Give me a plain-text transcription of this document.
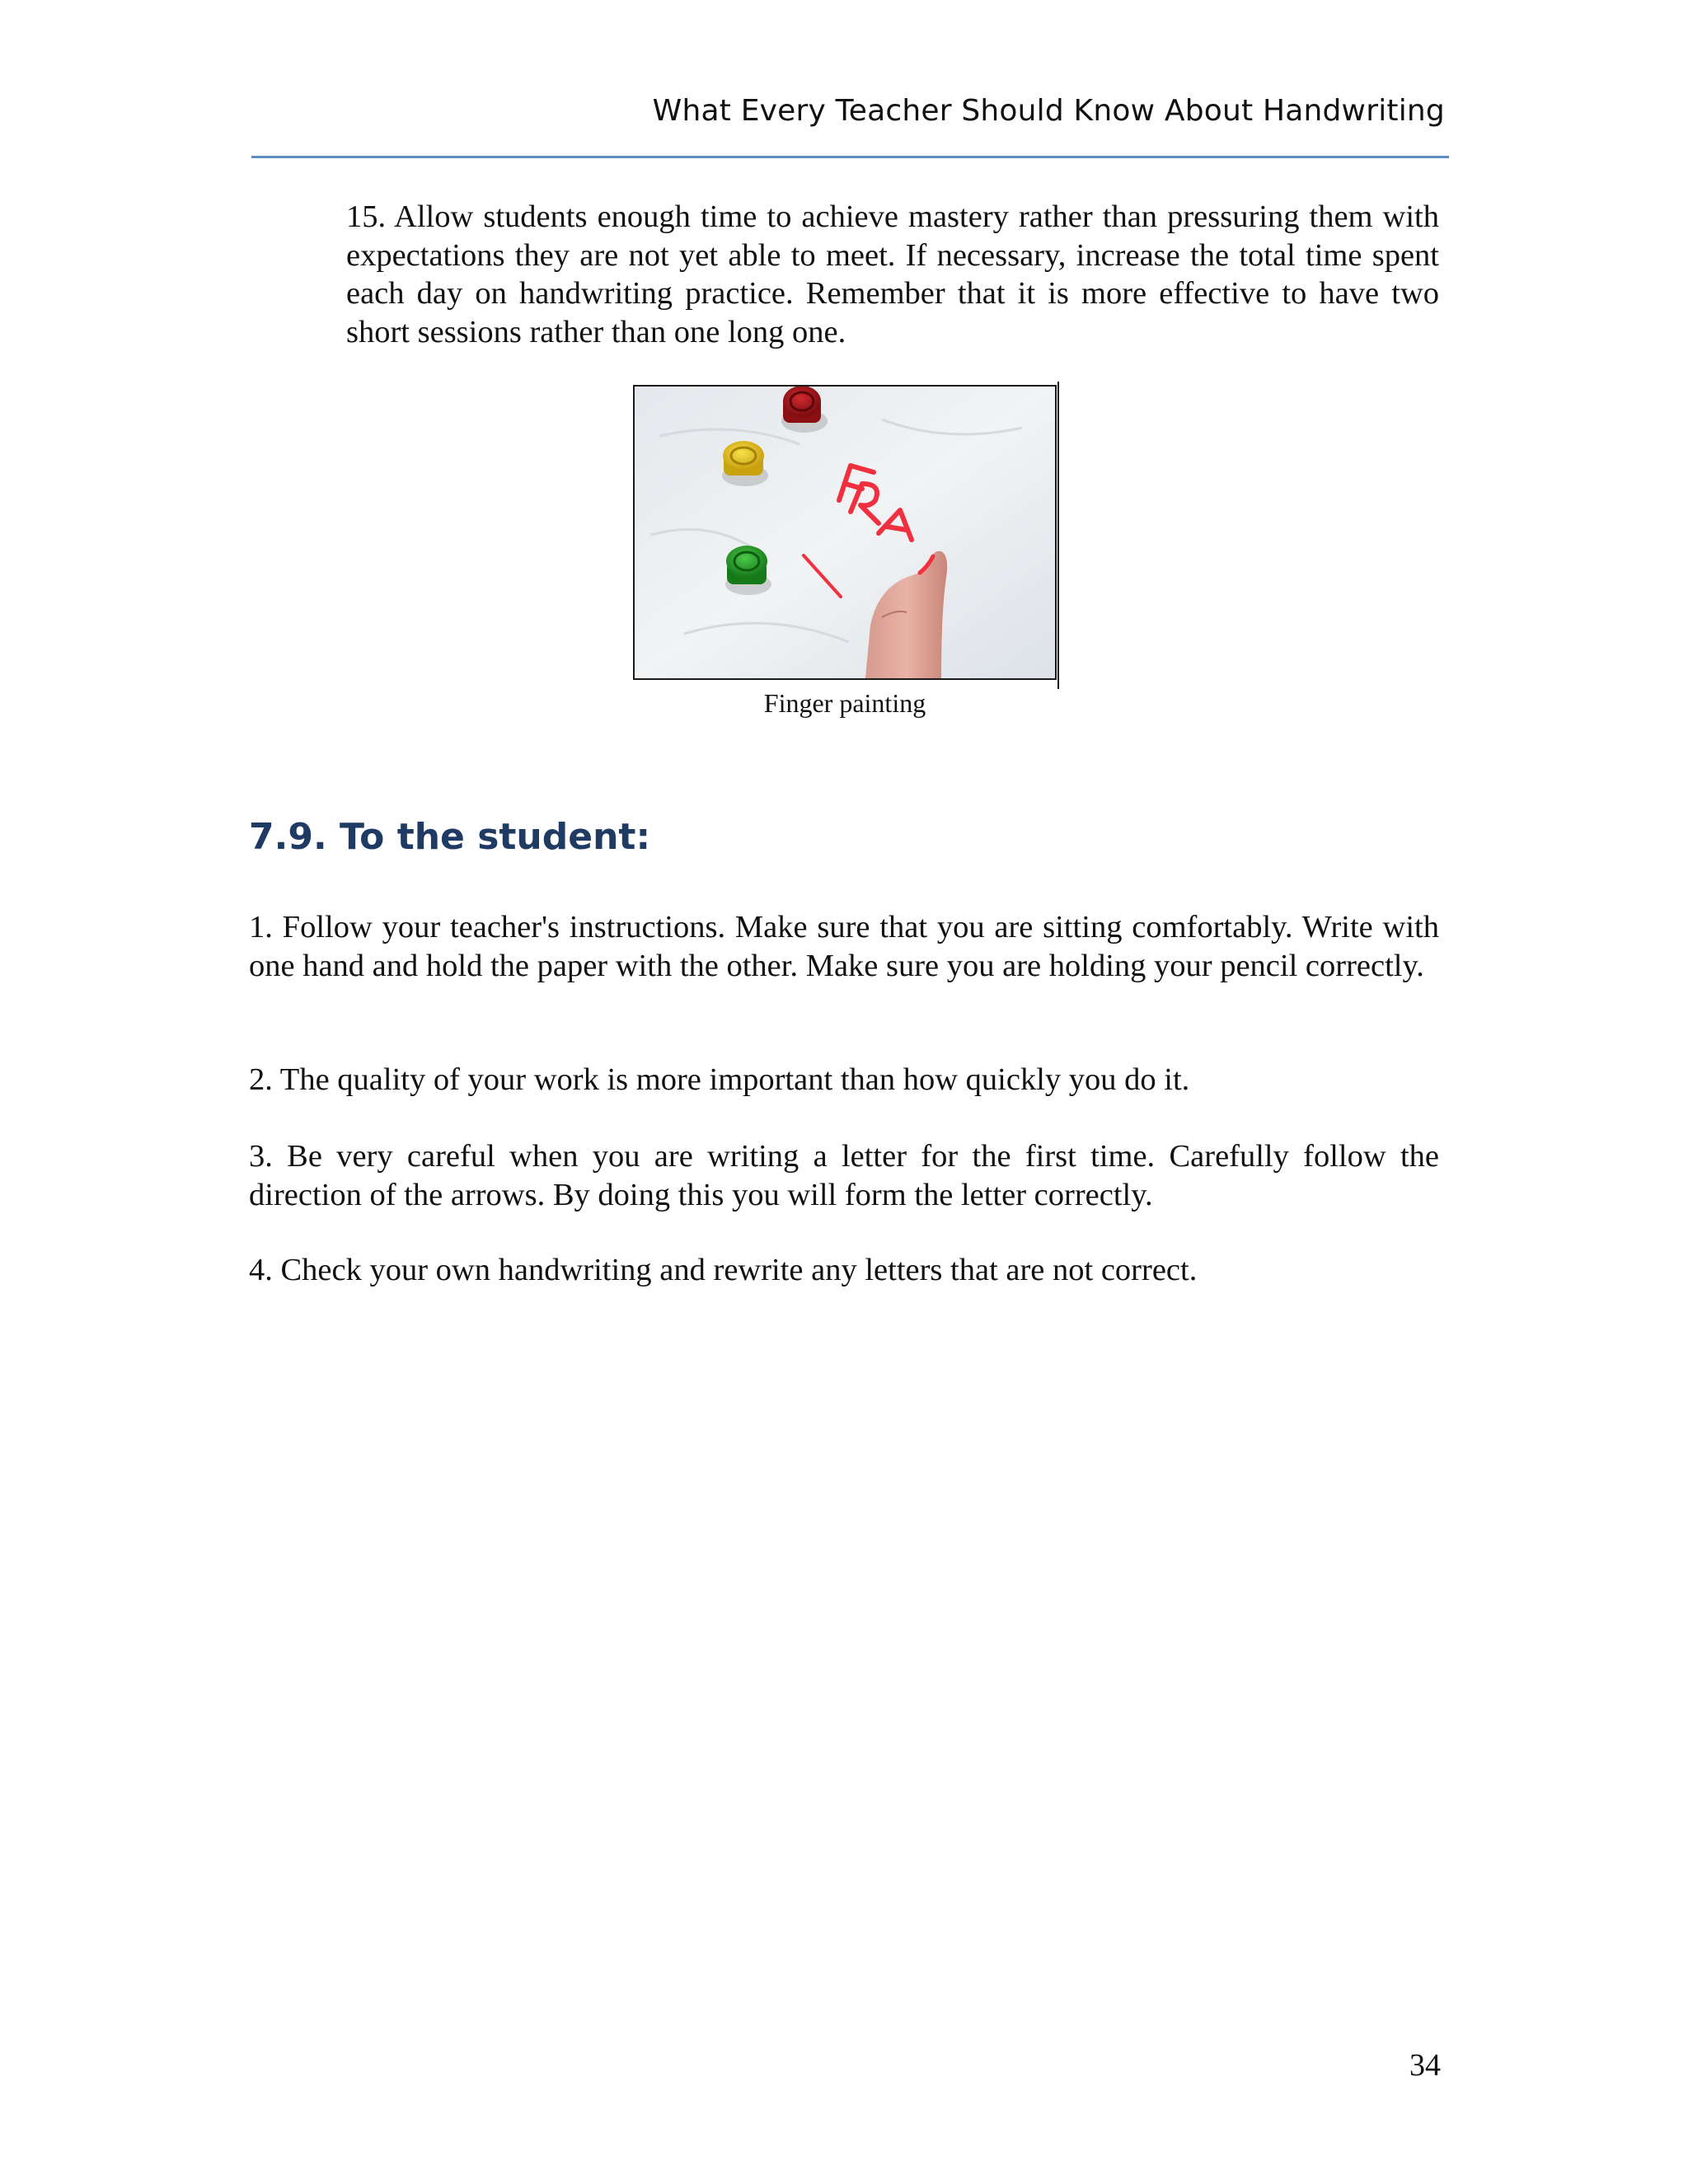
What Every Teacher Should Know About Handwriting

15. Allow students enough time to achieve mastery rather than pressuring them with expectations they are not yet able to meet. If necessary, increase the total time spent each day on handwriting practice. Remember that it is more effective to have two short sessions rather than one long one.

Finger painting
7.9. To the student:

1. Follow your teacher's instructions. Make sure that you are sitting comfortably. Write with one hand and hold the paper with the other. Make sure you are holding your pencil correctly.

2. The quality of your work is more important than how quickly you do it.

3. Be very careful when you are writing a letter for the first time. Carefully follow the direction of the arrows. By doing this you will form the letter correctly.

4. Check your own handwriting and rewrite any letters that are not correct.

34
